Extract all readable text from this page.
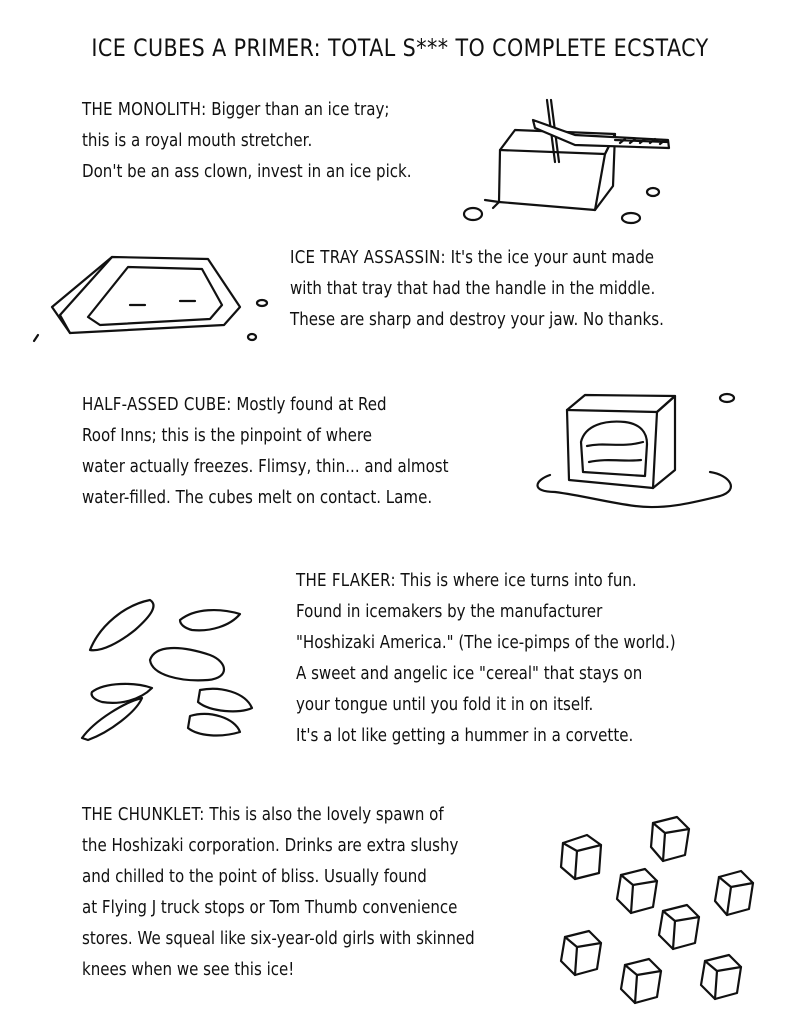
ICE CUBES A PRIMER: TOTAL S*** TO COMPLETE ECSTACY
THE MONOLITH: Bigger than an ice tray;
this is a royal mouth stretcher.
Don't be an ass clown, invest in an ice pick.
ICE TRAY ASSASSIN: It's the ice your aunt made
with that tray that had the handle in the middle.
These are sharp and destroy your jaw. No thanks.
HALF-ASSED CUBE: Mostly found at Red
Roof Inns; this is the pinpoint of where
water actually freezes. Flimsy, thin... and almost
water-filled. The cubes melt on contact. Lame.
THE FLAKER: This is where ice turns into fun.
Found in icemakers by the manufacturer
"Hoshizaki America." (The ice-pimps of the world.)
A sweet and angelic ice "cereal" that stays on
your tongue until you fold it in on itself.
It's a lot like getting a hummer in a corvette.
THE CHUNKLET: This is also the lovely spawn of
the Hoshizaki corporation. Drinks are extra slushy
and chilled to the point of bliss. Usually found
at Flying J truck stops or Tom Thumb convenience
stores. We squeal like six-year-old girls with skinned
knees when we see this ice!
